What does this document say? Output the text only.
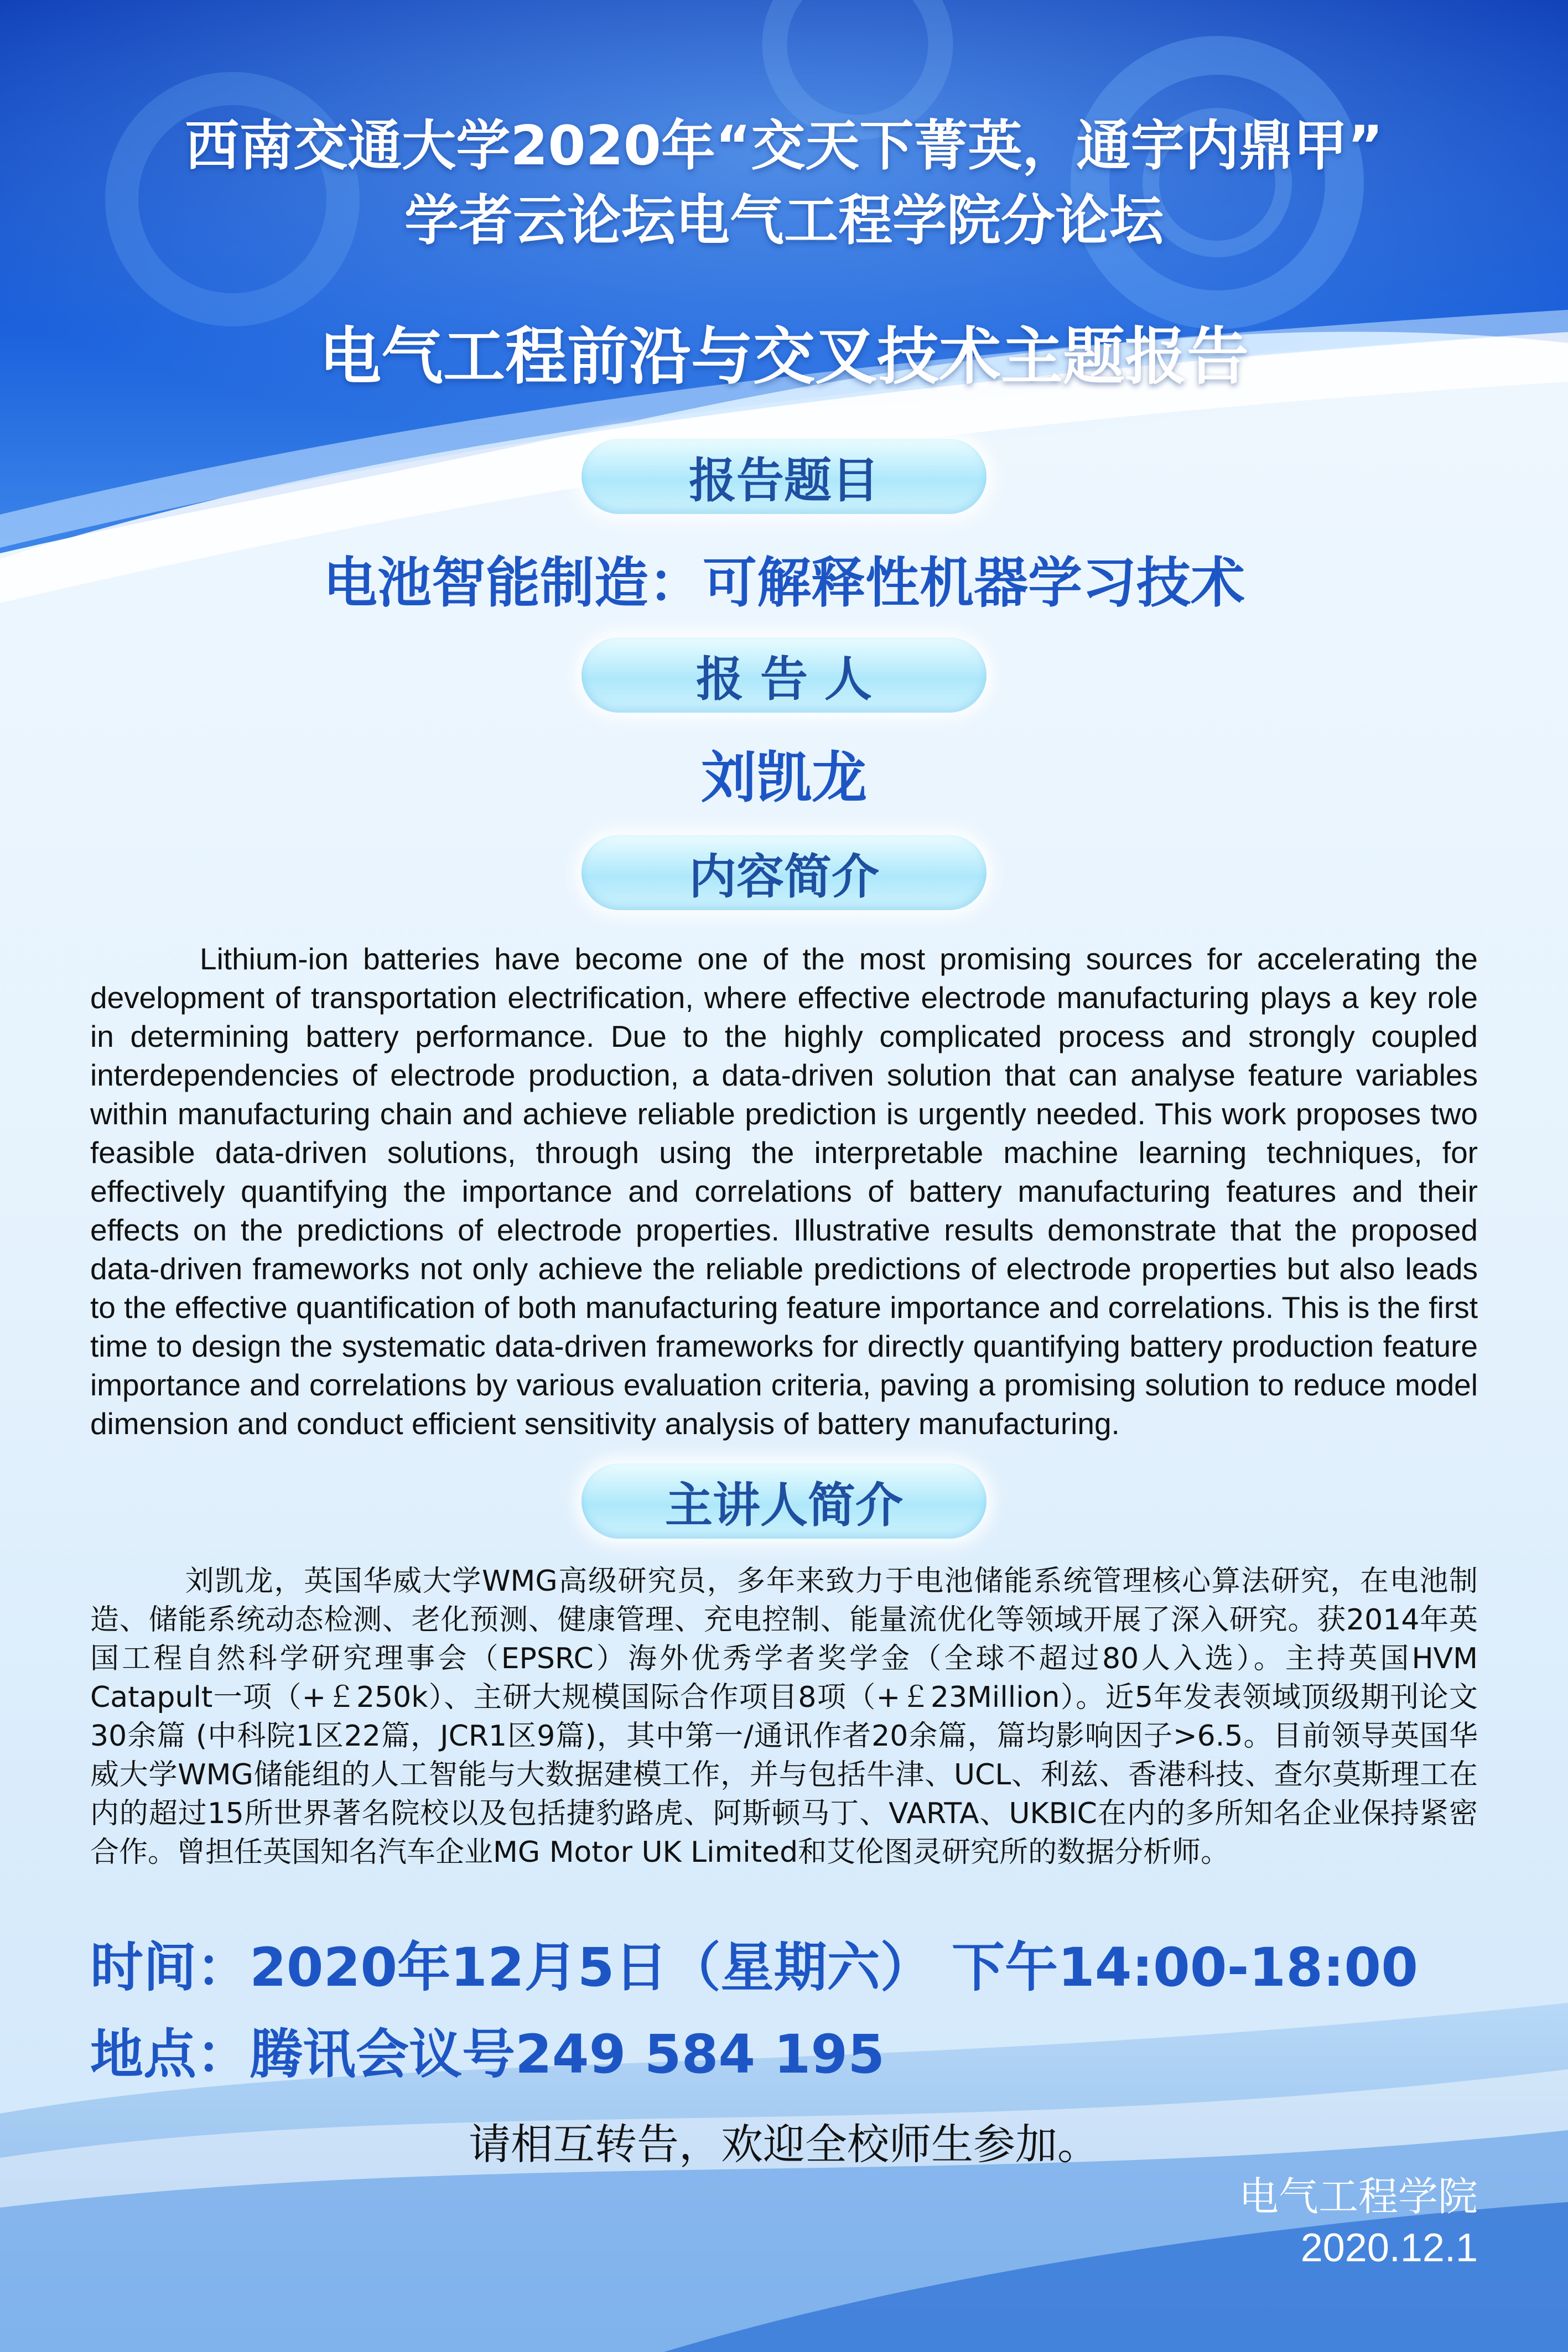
西南交通大学2020年“交天下菁英，通宇内鼎甲”
学者云论坛电气工程学院分论坛
电气工程前沿与交叉技术主题报告
报告题目
电池智能制造：可解释性机器学习技术
报 告 人
刘凯龙
内容简介
Lithium-ion batteries have become one of the most promising sources for accelerating the development of transportation electrification, where effective electrode manufacturing plays a key role in determining battery performance. Due to the highly complicated process and strongly coupled interdependencies of electrode production, a data-driven solution that can analyse feature variables within manufacturing chain and achieve reliable prediction is urgently needed. This work proposes two feasible data-driven solutions, through using the interpretable machine learning techniques, for effectively quantifying the importance and correlations of battery manufacturing features and their effects on the predictions of electrode properties. Illustrative results demonstrate that the proposed data-driven frameworks not only achieve the reliable predictions of electrode properties but also leads to the effective quantification of both manufacturing feature importance and correlations. This is the first time to design the systematic data-driven frameworks for directly quantifying battery production feature importance and correlations by various evaluation criteria, paving a promising solution to reduce model dimension and conduct efficient sensitivity analysis of battery manufacturing.
主讲人简介
刘凯龙，英国华威大学WMG高级研究员，多年来致力于电池储能系统管理核心算法研究，在电池制造、储能系统动态检测、老化预测、健康管理、充电控制、能量流优化等领域开展了深入研究。获2014年英国工程自然科学研究理事会（EPSRC）海外优秀学者奖学金（全球不超过80人入选）。主持英国HVM Catapult一项（+￡250k）、主研大规模国际合作项目8项（+￡23Million）。近5年发表领域顶级期刊论文30余篇 (中科院1区22篇，JCR1区9篇)，其中第一/通讯作者20余篇，篇均影响因子>6.5。目前领导英国华威大学WMG储能组的人工智能与大数据建模工作，并与包括牛津、UCL、利兹、香港科技、查尔莫斯理工在内的超过15所世界著名院校以及包括捷豹路虎、阿斯顿马丁、VARTA、UKBIC在内的多所知名企业保持紧密合作。曾担任英国知名汽车企业MG Motor UK Limited和艾伦图灵研究所的数据分析师。
时间：2020年12月5日（星期六） 下午14:00-18:00
地点：腾讯会议号249 584 195
请相互转告，欢迎全校师生参加。
电气工程学院
2020.12.1
